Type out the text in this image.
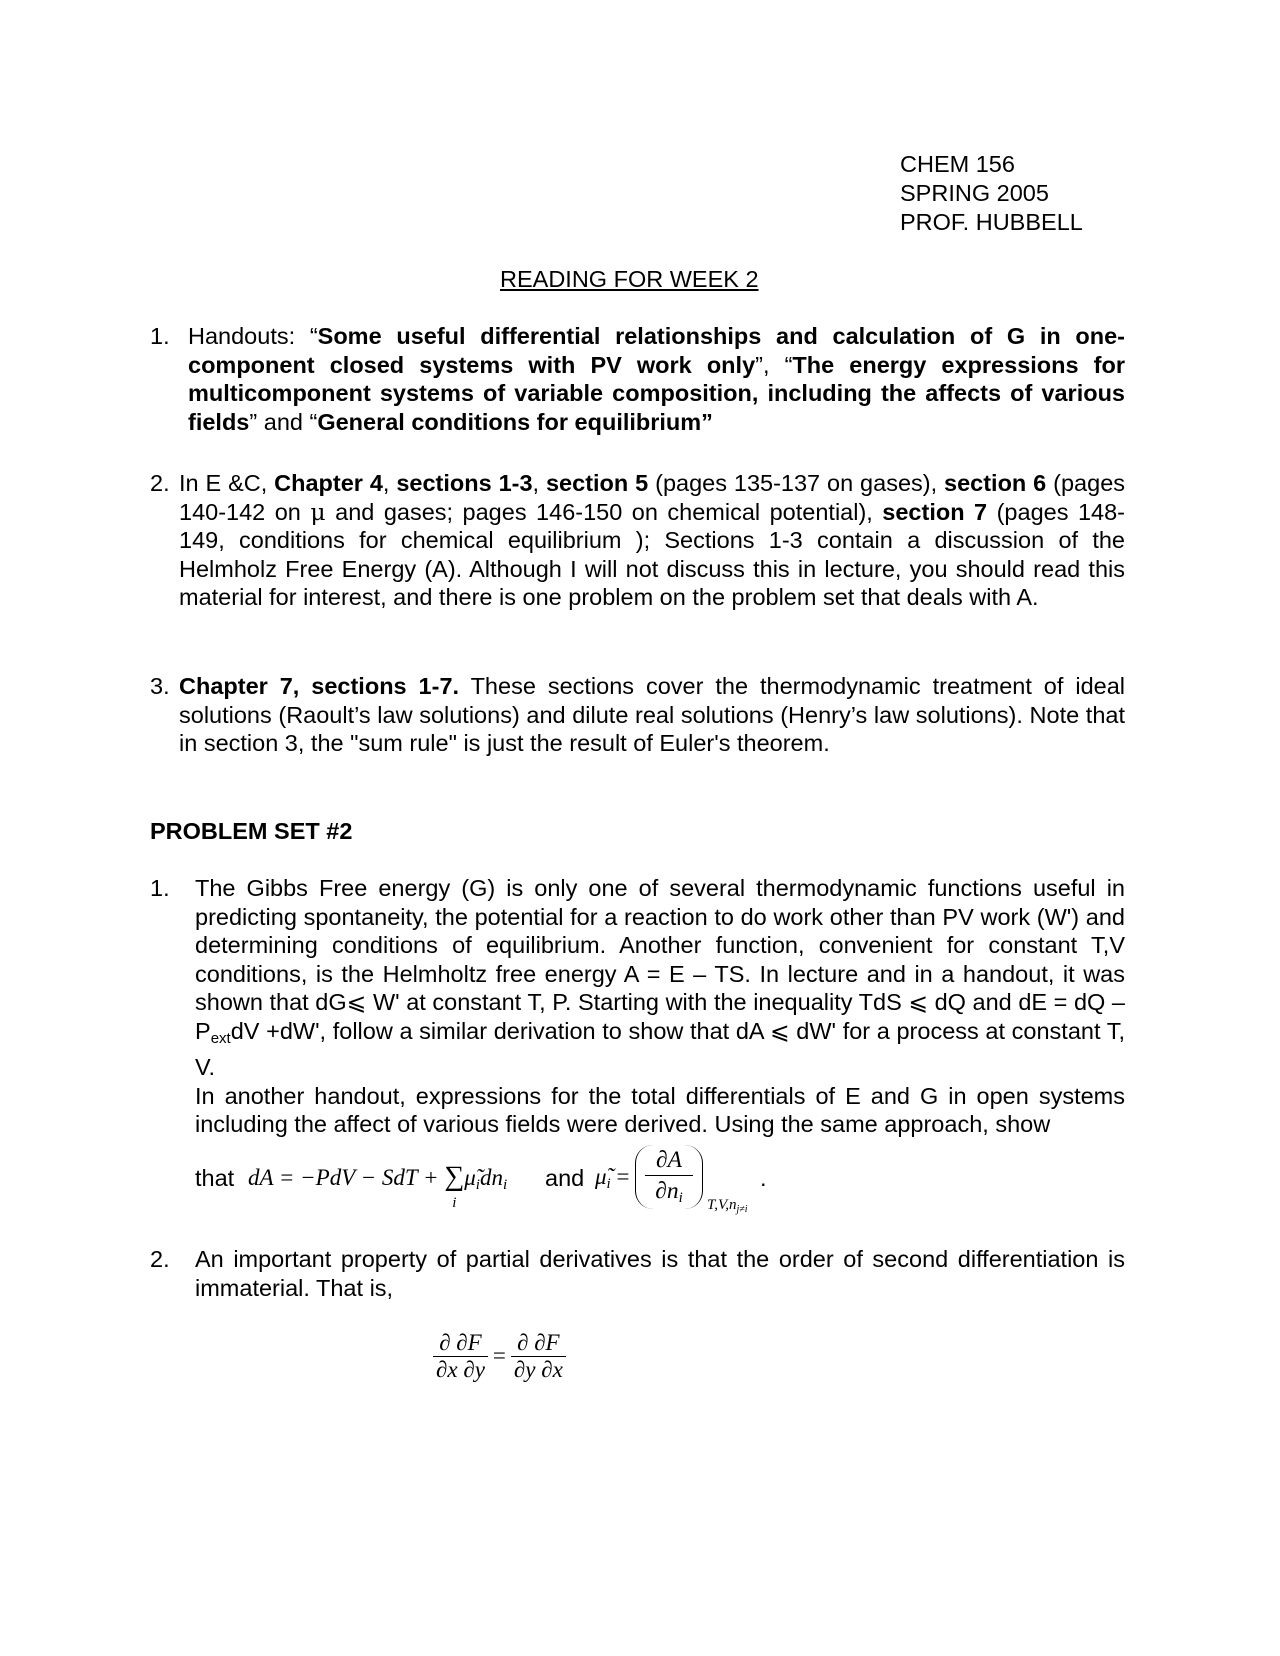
CHEM 156
SPRING 2005
PROF. HUBBELL
READING FOR WEEK 2
1. Handouts: “Some useful differential relationships and calculation of G in one-component closed systems with PV work only”, “The energy expressions for multicomponent systems of variable composition, including the affects of various fields” and “General conditions for equilibrium”
2. In E &C, Chapter 4, sections 1-3, section 5 (pages 135-137 on gases), section 6 (pages 140-142 on μ and gases; pages 146-150 on chemical potential), section 7 (pages 148-149, conditions for chemical equilibrium ); Sections 1-3 contain a discussion of the Helmholz Free Energy (A). Although I will not discuss this in lecture, you should read this material for interest, and there is one problem on the problem set that deals with A.
3. Chapter 7, sections 1-7. These sections cover the thermodynamic treatment of ideal solutions (Raoult’s law solutions) and dilute real solutions (Henry’s law solutions). Note that in section 3, the "sum rule" is just the result of Euler's theorem.
PROBLEM SET #2
1. The Gibbs Free energy (G) is only one of several thermodynamic functions useful in predicting spontaneity, the potential for a reaction to do work other than PV work (W') and determining conditions of equilibrium. Another function, convenient for constant T,V conditions, is the Helmholtz free energy A = E – TS. In lecture and in a handout, it was shown that dG⩽ W' at constant T, P. Starting with the inequality TdS ⩽ dQ and dE = dQ – $P_{ext}dV +dW'$, follow a similar derivation to show that dA ⩽ dW' for a process at constant T, V.
In another handout, expressions for the total differentials of E and G in open systems including the affect of various fields were derived. Using the same approach, show
that dA = −PdV − SdT + ∑
i
$\mũ_idn_i$ and $\mũ_i = \frac{\partial A}{\partial n_i} T,V,n_{j\ne i}$
.
2. An important property of partial derivatives is that the order of second differentiation is immaterial. That is,
$\frac{\partial \partial F}{\partial x \partial y} = \frac{\partial \partial F}{\partial y \partial x}$
